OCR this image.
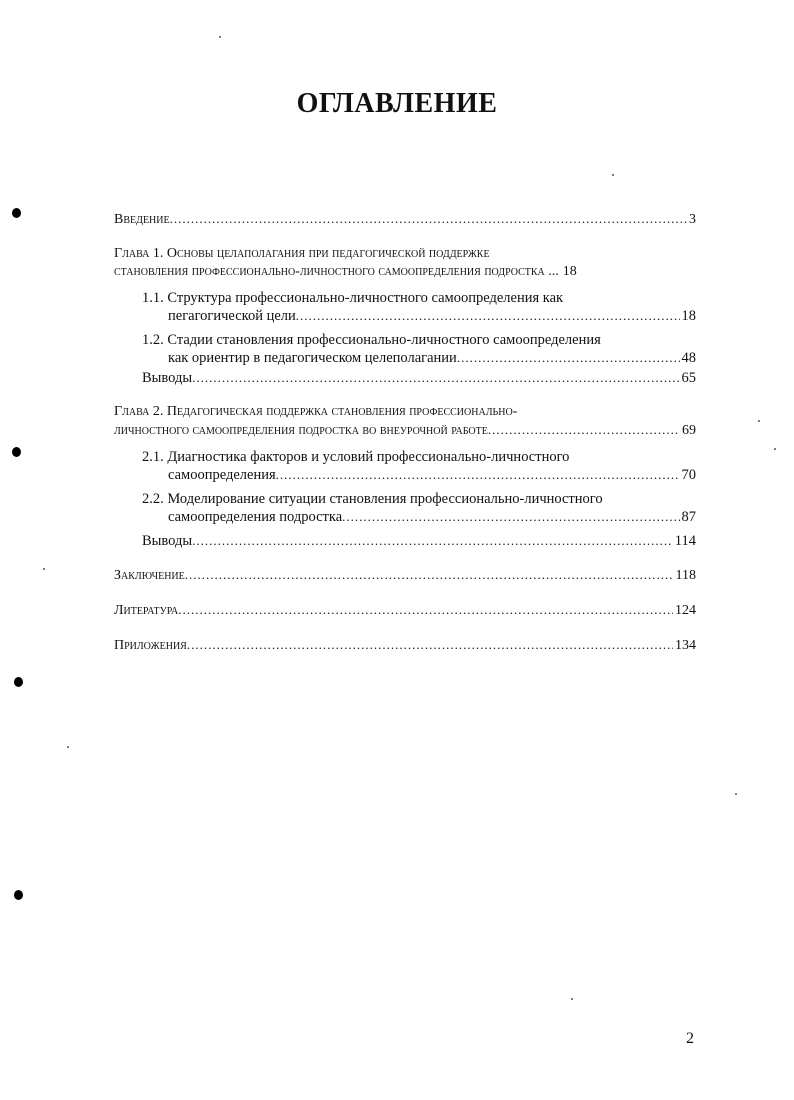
ОГЛАВЛЕНИЕ
Введение .....	3
Глава 1. Основы целаполагания при педагогической поддержке
становления профессионально-личностного самоопределения подростка ... 18
1.1. Структура профессионально-личностного самоопределения как
пегагогической цели .....	18
1.2. Стадии становления профессионально-личностного самоопределения
как ориентир в педагогическом целеполагании .....	48
Выводы .....	65
Глава 2. Педагогическая поддержка становления профессионально-
личностного самоопределения подростка во внеурочной работе .....	69
2.1. Диагностика факторов и условий профессионально-личностного
самоопределения .....	70
2.2. Моделирование ситуации становления профессионально-личностного
самоопределения подростка .....	87
Выводы .....	114
Заключение .....	118
Литература .....	124
Приложения .....	134
2
